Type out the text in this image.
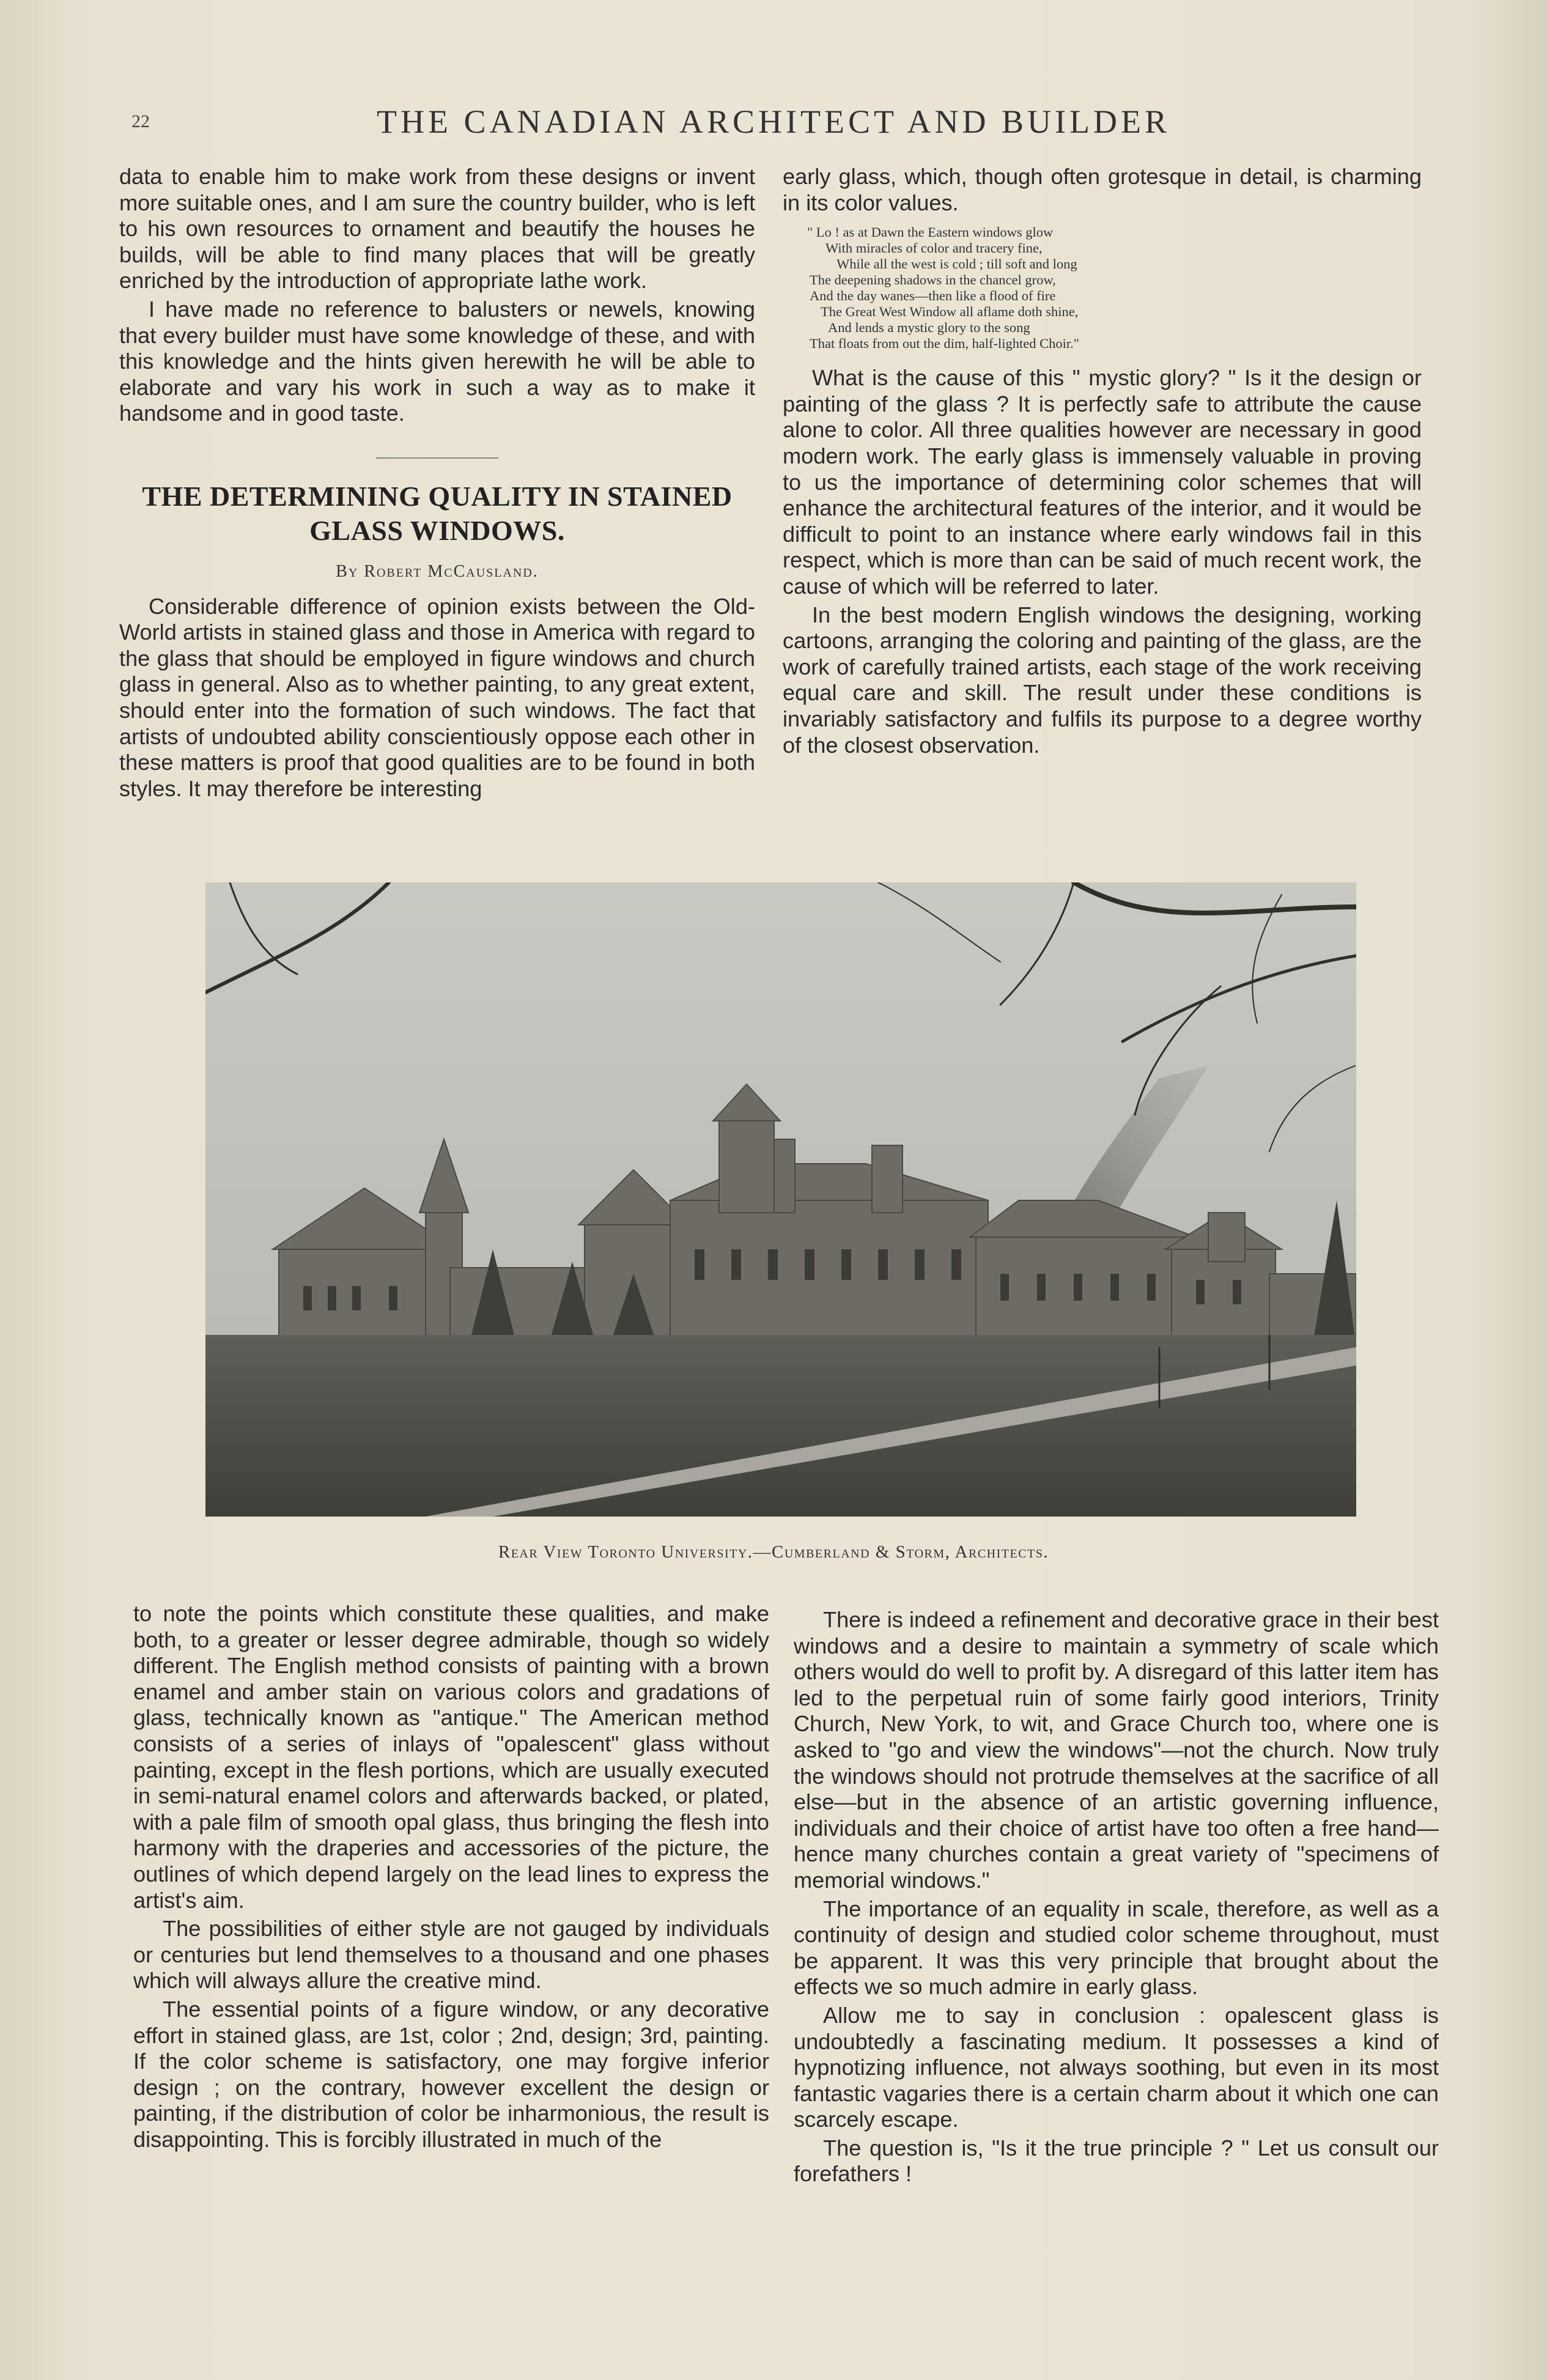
22	THE CANADIAN ARCHITECT AND BUILDER

data to enable him to make work from these designs or invent more suitable ones, and I am sure the country builder, who is left to his own resources to ornament and beautify the houses he builds, will be able to find many places that will be greatly enriched by the introduction of appropriate lathe work.

I have made no reference to balusters or newels, knowing that every builder must have some knowledge of these, and with this knowledge and the hints given herewith he will be able to elaborate and vary his work in such a way as to make it handsome and in good taste.

THE DETERMINING QUALITY IN STAINED
GLASS WINDOWS.
By Robert McCausland.

Considerable difference of opinion exists between the Old-World artists in stained glass and those in America with regard to the glass that should be employed in figure windows and church glass in general. Also as to whether painting, to any great extent, should enter into the formation of such windows. The fact that artists of undoubted ability conscientiously oppose each other in these matters is proof that good qualities are to be found in both styles. It may therefore be interesting

early glass, which, though often grotesque in detail, is charming in its color values.

" Lo ! as at Dawn the Eastern windows glow
With miracles of color and tracery fine,
While all the west is cold ; till soft and long
The deepening shadows in the chancel grow,
And the day wanes—then like a flood of fire
The Great West Window all aflame doth shine,
And lends a mystic glory to the song
That floats from out the dim, half-lighted Choir."

What is the cause of this " mystic glory? " Is it the design or painting of the glass ? It is perfectly safe to attribute the cause alone to color. All three qualities however are necessary in good modern work. The early glass is immensely valuable in proving to us the importance of determining color schemes that will enhance the architectural features of the interior, and it would be difficult to point to an instance where early windows fail in this respect, which is more than can be said of much recent work, the cause of which will be referred to later.

In the best modern English windows the designing, working cartoons, arranging the coloring and painting of the glass, are the work of carefully trained artists, each stage of the work receiving equal care and skill. The result under these conditions is invariably satisfactory and fulfils its purpose to a degree worthy of the closest observation.

Rear View Toronto University.—Cumberland & Storm, Architects.

to note the points which constitute these qualities, and make both, to a greater or lesser degree admirable, though so widely different. The English method consists of painting with a brown enamel and amber stain on various colors and gradations of glass, technically known as "antique." The American method consists of a series of inlays of "opalescent" glass without painting, except in the flesh portions, which are usually executed in semi-natural enamel colors and afterwards backed, or plated, with a pale film of smooth opal glass, thus bringing the flesh into harmony with the draperies and accessories of the picture, the outlines of which depend largely on the lead lines to express the artist's aim.

The possibilities of either style are not gauged by individuals or centuries but lend themselves to a thousand and one phases which will always allure the creative mind.

The essential points of a figure window, or any decorative effort in stained glass, are 1st, color ; 2nd, design; 3rd, painting. If the color scheme is satisfactory, one may forgive inferior design ; on the contrary, however excellent the design or painting, if the distribution of color be inharmonious, the result is disappointing. This is forcibly illustrated in much of the

There is indeed a refinement and decorative grace in their best windows and a desire to maintain a symmetry of scale which others would do well to profit by. A disregard of this latter item has led to the perpetual ruin of some fairly good interiors, Trinity Church, New York, to wit, and Grace Church too, where one is asked to "go and view the windows"—not the church. Now truly the windows should not protrude themselves at the sacrifice of all else—but in the absence of an artistic governing influence, individuals and their choice of artist have too often a free hand—hence many churches contain a great variety of "specimens of memorial windows."

The importance of an equality in scale, therefore, as well as a continuity of design and studied color scheme throughout, must be apparent. It was this very principle that brought about the effects we so much admire in early glass.

Allow me to say in conclusion : opalescent glass is undoubtedly a fascinating medium. It possesses a kind of hypnotizing influence, not always soothing, but even in its most fantastic vagaries there is a certain charm about it which one can scarcely escape.

The question is, "Is it the true principle ? " Let us consult our forefathers !
